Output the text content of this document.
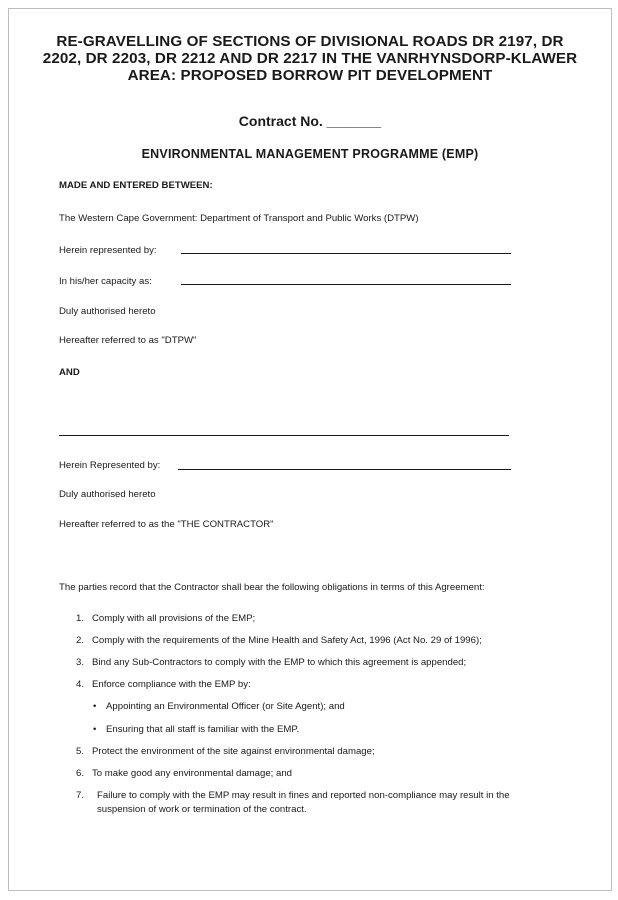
RE-GRAVELLING OF SECTIONS OF DIVISIONAL ROADS DR 2197, DR 2202, DR 2203, DR 2212 AND DR 2217 IN THE VANRHYNSDORP-KLAWER AREA: PROPOSED BORROW PIT DEVELOPMENT
Contract No. _______
ENVIRONMENTAL MANAGEMENT PROGRAMME (EMP)
MADE AND ENTERED BETWEEN:
The Western Cape Government: Department of Transport and Public Works (DTPW)
Herein represented by:
In his/her capacity as:
Duly authorised hereto
Hereafter referred to as "DTPW"
AND
Herein Represented by:
Duly authorised hereto
Hereafter referred to as the "THE CONTRACTOR"
The parties record that the Contractor shall bear the following obligations in terms of this Agreement:
1. Comply with all provisions of the EMP;
2. Comply with the requirements of the Mine Health and Safety Act, 1996 (Act No. 29 of 1996);
3. Bind any Sub-Contractors to comply with the EMP to which this agreement is appended;
4. Enforce compliance with the EMP by:
• Appointing an Environmental Officer (or Site Agent); and
• Ensuring that all staff is familiar with the EMP.
5. Protect the environment of the site against environmental damage;
6. To make good any environmental damage; and
7. Failure to comply with the EMP may result in fines and reported non-compliance may result in the
suspension of work or termination of the contract.
